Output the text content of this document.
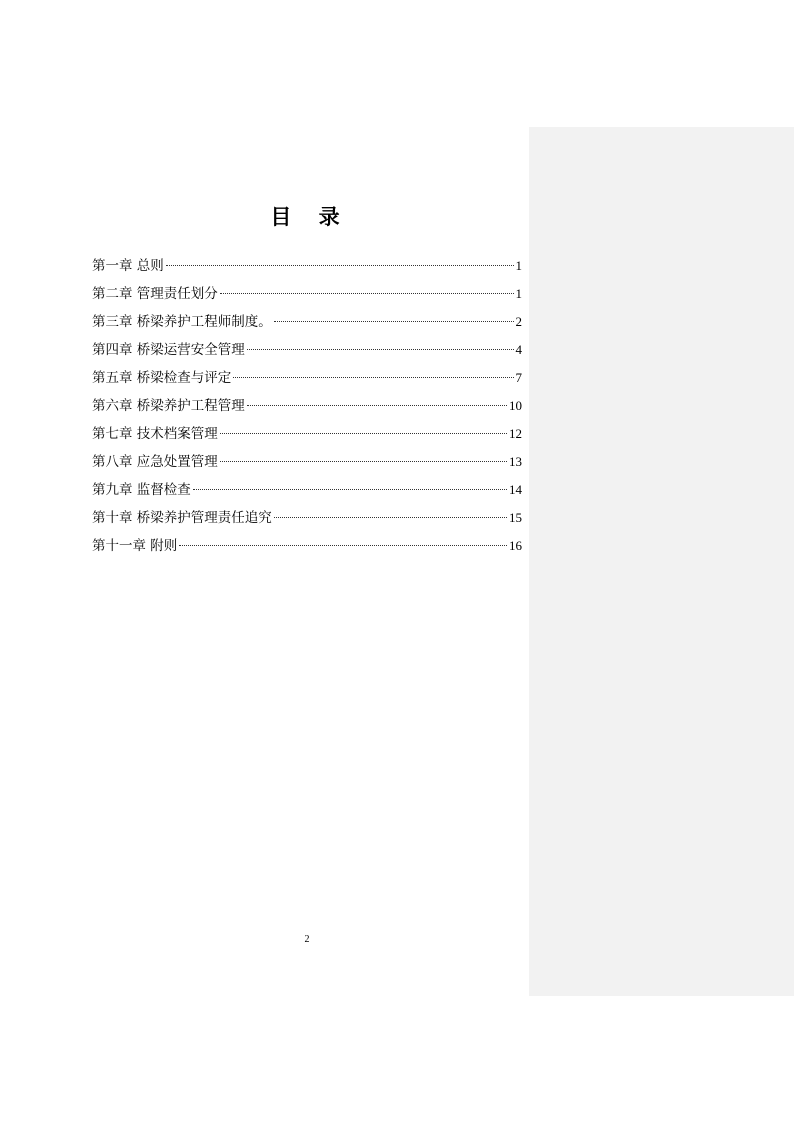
目 录
第一章 总则	1
第二章 管理责任划分	1
第三章 桥梁养护工程师制度。	2
第四章 桥梁运营安全管理	4
第五章 桥梁检查与评定	7
第六章 桥梁养护工程管理	10
第七章 技术档案管理	12
第八章 应急处置管理	13
第九章 监督检查	14
第十章 桥梁养护管理责任追究	15
第十一章 附则	16
2
